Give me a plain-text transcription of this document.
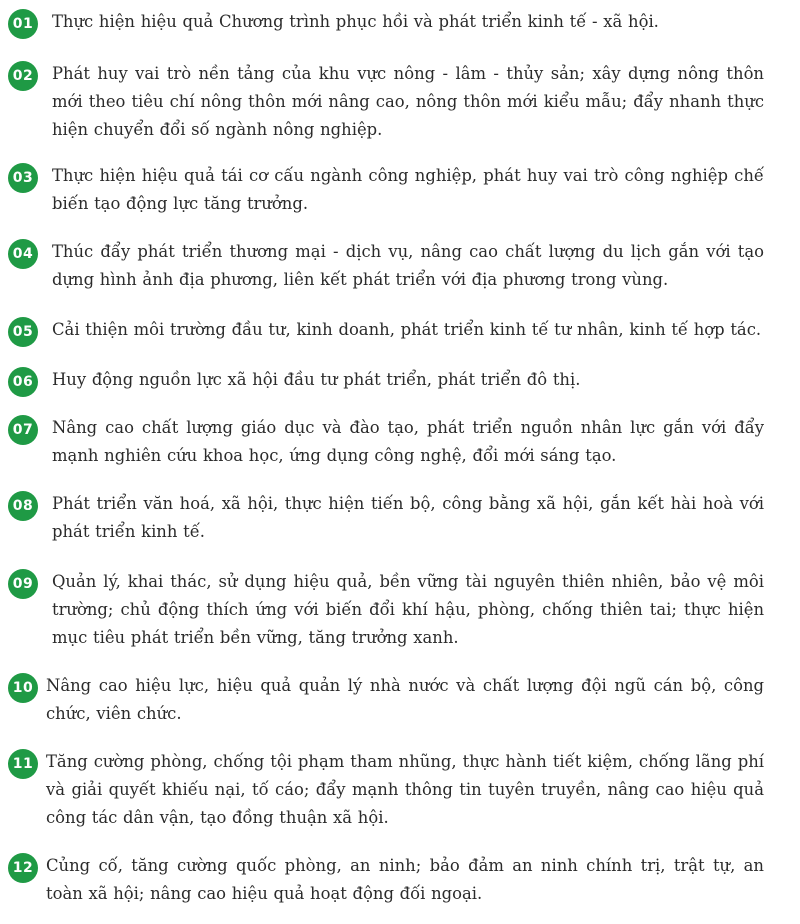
01 Thực hiện hiệu quả Chương trình phục hồi và phát triển kinh tế - xã hội.
02 Phát huy vai trò nền tảng của khu vực nông - lâm - thủy sản; xây dựng nông thôn mới theo tiêu chí nông thôn mới nâng cao, nông thôn mới kiểu mẫu; đẩy nhanh thực hiện chuyển đổi số ngành nông nghiệp.
03 Thực hiện hiệu quả tái cơ cấu ngành công nghiệp, phát huy vai trò công nghiệp chế biến tạo động lực tăng trưởng.
04 Thúc đẩy phát triển thương mại - dịch vụ, nâng cao chất lượng du lịch gắn với tạo dựng hình ảnh địa phương, liên kết phát triển với địa phương trong vùng.
05 Cải thiện môi trường đầu tư, kinh doanh, phát triển kinh tế tư nhân, kinh tế hợp tác.
06 Huy động nguồn lực xã hội đầu tư phát triển, phát triển đô thị.
07 Nâng cao chất lượng giáo dục và đào tạo, phát triển nguồn nhân lực gắn với đẩy mạnh nghiên cứu khoa học, ứng dụng công nghệ, đổi mới sáng tạo.
08 Phát triển văn hoá, xã hội, thực hiện tiến bộ, công bằng xã hội, gắn kết hài hoà với phát triển kinh tế.
09 Quản lý, khai thác, sử dụng hiệu quả, bền vững tài nguyên thiên nhiên, bảo vệ môi trường; chủ động thích ứng với biến đổi khí hậu, phòng, chống thiên tai; thực hiện mục tiêu phát triển bền vững, tăng trưởng xanh.
10 Nâng cao hiệu lực, hiệu quả quản lý nhà nước và chất lượng đội ngũ cán bộ, công chức, viên chức.
11 Tăng cường phòng, chống tội phạm tham nhũng, thực hành tiết kiệm, chống lãng phí và giải quyết khiếu nại, tố cáo; đẩy mạnh thông tin tuyên truyền, nâng cao hiệu quả công tác dân vận, tạo đồng thuận xã hội.
12 Củng cố, tăng cường quốc phòng, an ninh; bảo đảm an ninh chính trị, trật tự, an toàn xã hội; nâng cao hiệu quả hoạt động đối ngoại.
